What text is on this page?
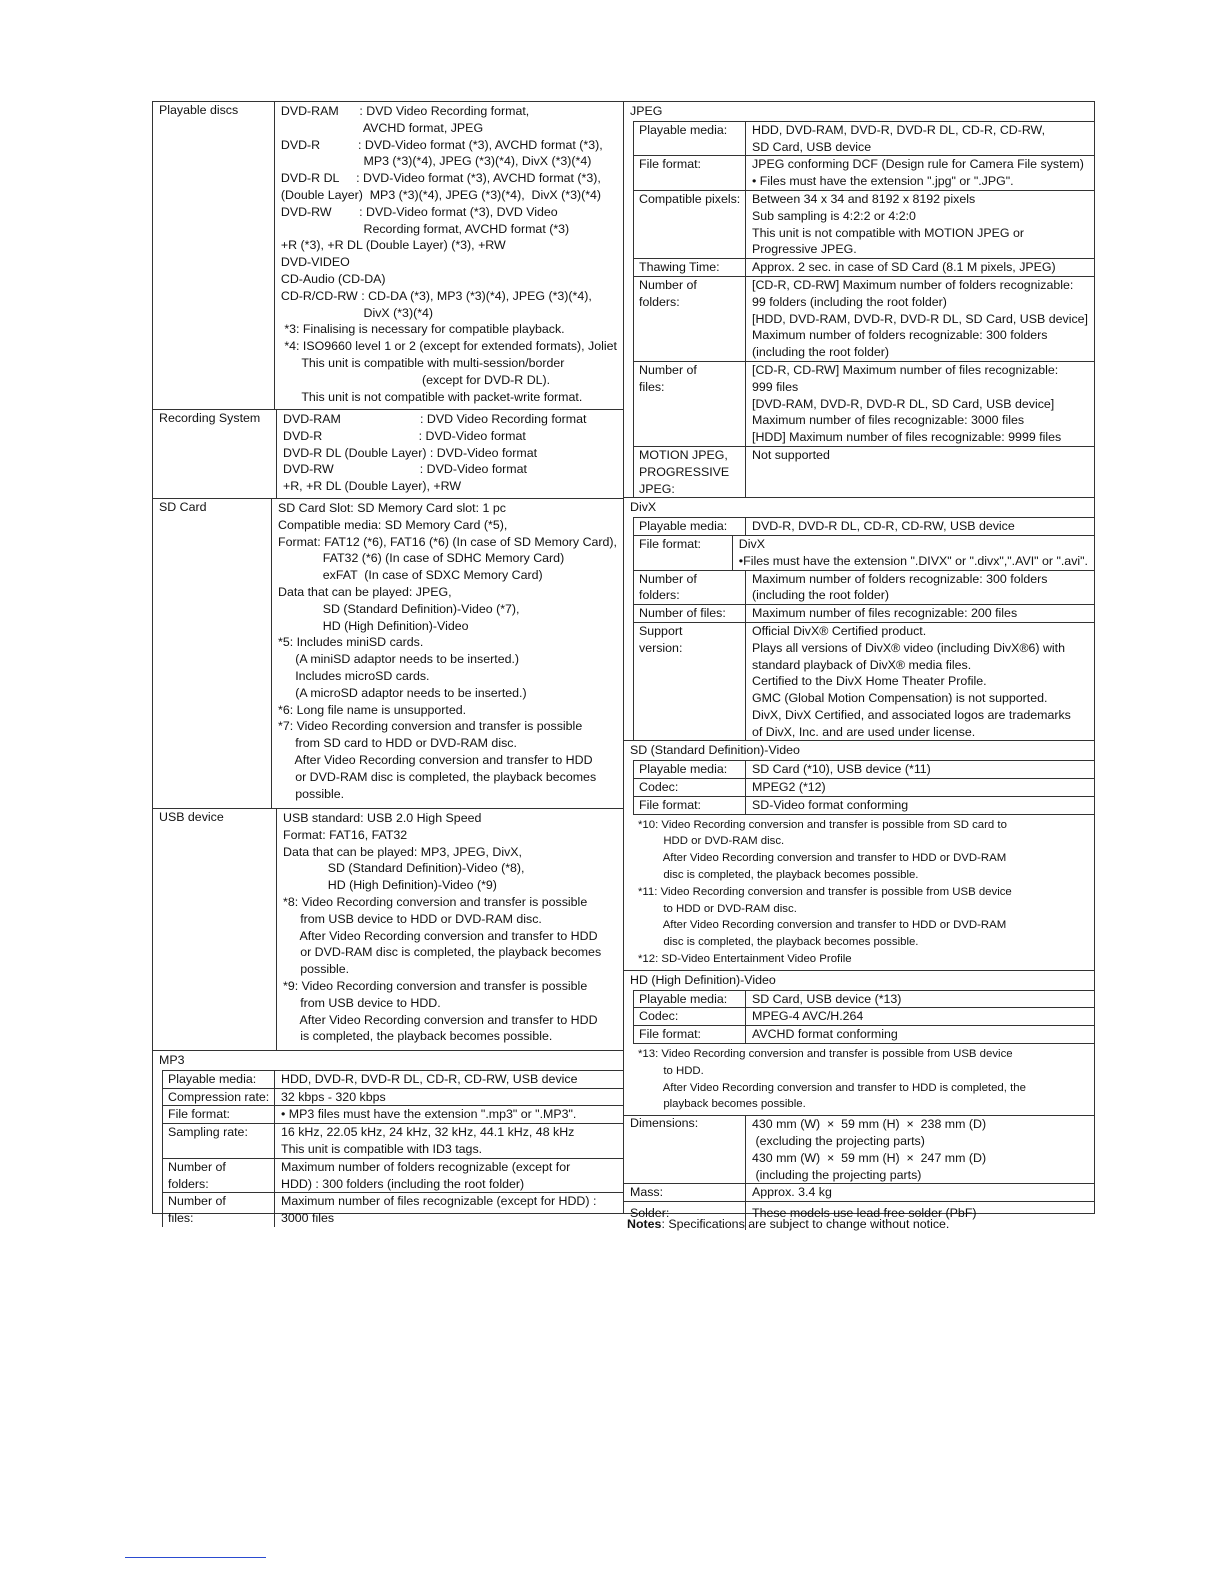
Playable discs	DVD-RAM      : DVD Video Recording format,
AVCHD format, JPEG
DVD-R           : DVD-Video format (*3), AVCHD format (*3),
MP3 (*3)(*4), JPEG (*3)(*4), DivX (*3)(*4)
DVD-R DL     : DVD-Video format (*3), AVCHD format (*3),
(Double Layer)  MP3 (*3)(*4), JPEG (*3)(*4),  DivX (*3)(*4)
DVD-RW        : DVD-Video format (*3), DVD Video
Recording format, AVCHD format (*3)
+R (*3), +R DL (Double Layer) (*3), +RW
DVD-VIDEO
CD-Audio (CD-DA)
CD-R/CD-RW : CD-DA (*3), MP3 (*3)(*4), JPEG (*3)(*4),
DivX (*3)(*4)
*3: Finalising is necessary for compatible playback.
*4: ISO9660 level 1 or 2 (except for extended formats), Joliet
This unit is compatible with multi-session/border
(except for DVD-R DL).
This unit is not compatible with packet-write format.
Recording System	DVD-RAM                       : DVD Video Recording format
DVD-R                            : DVD-Video format
DVD-R DL (Double Layer) : DVD-Video format
DVD-RW                         : DVD-Video format
+R, +R DL (Double Layer), +RW
SD Card	SD Card Slot: SD Memory Card slot: 1 pc
Compatible media: SD Memory Card (*5),
Format: FAT12 (*6), FAT16 (*6) (In case of SD Memory Card),
FAT32 (*6) (In case of SDHC Memory Card)
exFAT  (In case of SDXC Memory Card)
Data that can be played: JPEG,
SD (Standard Definition)-Video (*7),
HD (High Definition)-Video
*5: Includes miniSD cards.
(A miniSD adaptor needs to be inserted.)
Includes microSD cards.
(A microSD adaptor needs to be inserted.)
*6: Long file name is unsupported.
*7: Video Recording conversion and transfer is possible
from SD card to HDD or DVD-RAM disc.
After Video Recording conversion and transfer to HDD
or DVD-RAM disc is completed, the playback becomes
possible.
USB device	USB standard: USB 2.0 High Speed
Format: FAT16, FAT32
Data that can be played: MP3, JPEG, DivX,
SD (Standard Definition)-Video (*8),
HD (High Definition)-Video (*9)
*8: Video Recording conversion and transfer is possible
from USB device to HDD or DVD-RAM disc.
After Video Recording conversion and transfer to HDD
or DVD-RAM disc is completed, the playback becomes
possible.
*9: Video Recording conversion and transfer is possible
from USB device to HDD.
After Video Recording conversion and transfer to HDD
is completed, the playback becomes possible.
MP3
Playable media:	HDD, DVD-R, DVD-R DL, CD-R, CD-RW, USB device
Compression rate: 32 kbps - 320 kbps
File format:	• MP3 files must have the extension ".mp3" or ".MP3".
Sampling rate:	16 kHz, 22.05 kHz, 24 kHz, 32 kHz, 44.1 kHz, 48 kHz
This unit is compatible with ID3 tags.
Number of
folders:
Maximum number of folders recognizable (except for
HDD) : 300 folders (including the root folder)
Number of
files:
Maximum number of files recognizable (except for HDD) :
3000 files
JPEG
Playable media:	HDD, DVD-RAM, DVD-R, DVD-R DL, CD-R, CD-RW,
SD Card, USB device
File format:	JPEG conforming DCF (Design rule for Camera File system)
• Files must have the extension ".jpg" or ".JPG".
Compatible pixels: Between 34 x 34 and 8192 x 8192 pixels
Sub sampling is 4:2:2 or 4:2:0
This unit is not compatible with MOTION JPEG or
Progressive JPEG.
Thawing Time:	Approx. 2 sec. in case of SD Card (8.1 M pixels, JPEG)
Number of
folders:
[CD-R, CD-RW] Maximum number of folders recognizable:
99 folders (including the root folder)
[HDD, DVD-RAM, DVD-R, DVD-R DL, SD Card, USB device]
Maximum number of folders recognizable: 300 folders
(including the root folder)
Number of
files:
[CD-R, CD-RW] Maximum number of files recognizable:
999 files
[DVD-RAM, DVD-R, DVD-R DL, SD Card, USB device]
Maximum number of files recognizable: 3000 files
[HDD] Maximum number of files recognizable: 9999 files
MOTION JPEG,
PROGRESSIVE
JPEG:
Not supported
DivX
Playable media:	DVD-R, DVD-R DL, CD-R, CD-RW, USB device
File format:	DivX
•Files must have the extension ".DIVX" or ".divx",".AVI" or ".avi".
Number of
folders:
Maximum number of folders recognizable: 300 folders
(including the root folder)
Number of files:	Maximum number of files recognizable: 200 files
Support
version:
Official DivX® Certified product.
Plays all versions of DivX® video (including DivX®6) with
standard playback of DivX® media files.
Certified to the DivX Home Theater Profile.
GMC (Global Motion Compensation) is not supported.
DivX, DivX Certified, and associated logos are trademarks
of DivX, Inc. and are used under license.
SD (Standard Definition)-Video
Playable media:	SD Card (*10), USB device (*11)
Codec:	MPEG2 (*12)
File format:	SD-Video format conforming
*10: Video Recording conversion and transfer is possible from SD card to
HDD or DVD-RAM disc.
After Video Recording conversion and transfer to HDD or DVD-RAM
disc is completed, the playback becomes possible.
*11: Video Recording conversion and transfer is possible from USB device
to HDD or DVD-RAM disc.
After Video Recording conversion and transfer to HDD or DVD-RAM
disc is completed, the playback becomes possible.
*12: SD-Video Entertainment Video Profile
HD (High Definition)-Video
Playable media:	SD Card, USB device (*13)
Codec:	MPEG-4 AVC/H.264
File format:	AVCHD format conforming
*13: Video Recording conversion and transfer is possible from USB device
to HDD.
After Video Recording conversion and transfer to HDD is completed, the
playback becomes possible.
Dimensions:	430 mm (W)  ×  59 mm (H)  ×  238 mm (D)
(excluding the projecting parts)
430 mm (W)  ×  59 mm (H)  ×  247 mm (D)
(including the projecting parts)
Mass:	Approx. 3.4 kg
Solder:	These models use lead free solder (PbF)
Notes: Specifications are subject to change without notice.
